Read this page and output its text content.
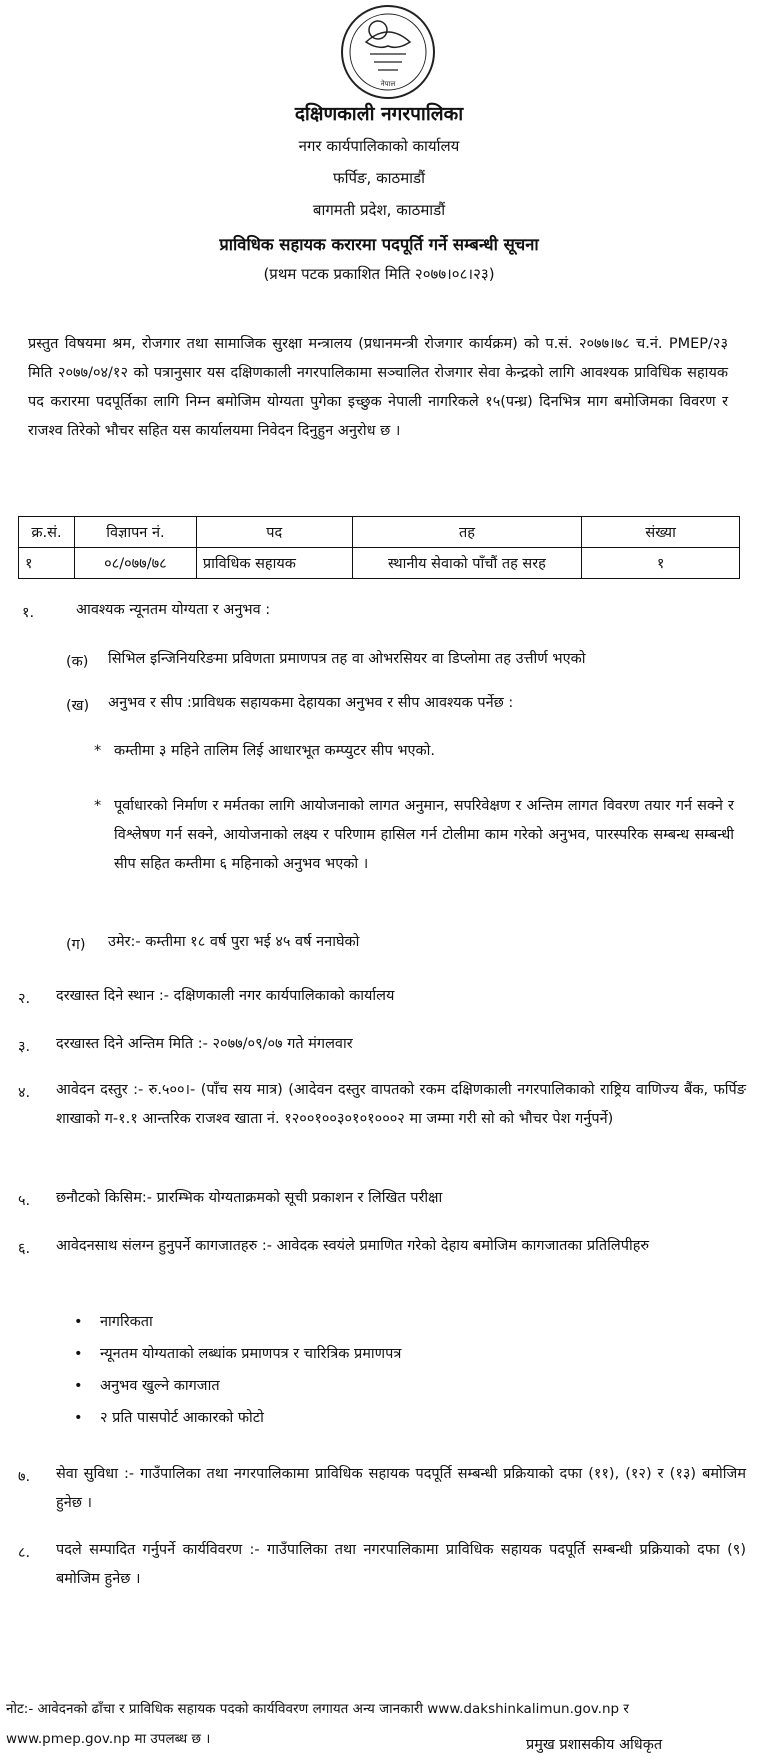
नेपाल
दक्षिणकाली नगरपालिका
नगर कार्यपालिकाको कार्यालय
फर्पिङ, काठमाडौं
बागमती प्रदेश, काठमाडौं
प्राविधिक सहायक करारमा पदपूर्ति गर्ने सम्बन्धी सूचना
(प्रथम पटक प्रकाशित मिति २०७७।०८।२३)
प्रस्तुत विषयमा श्रम, रोजगार तथा सामाजिक सुरक्षा मन्त्रालय (प्रधानमन्त्री रोजगार कार्यक्रम) को प.सं. २०७७।७८ च.नं. PMEP/२३ मिति २०७७/०४/१२ को पत्रानुसार यस दक्षिणकाली नगरपालिकामा सञ्चालित रोजगार सेवा केन्द्रको लागि आवश्यक प्राविधिक सहायक पद करारमा पदपूर्तिका लागि निम्न बमोजिम योग्यता पुगेका इच्छुक नेपाली नागरिकले १५(पन्ध्र) दिनभित्र माग बमोजिमका विवरण र राजश्व तिरेको भौचर सहित यस कार्यालयमा निवेदन दिनुहुन अनुरोध छ ।
क्र.सं.	विज्ञापन नं.	पद	तह	संख्या
१	०८/०७७/७८	प्राविधिक सहायक	स्थानीय सेवाको पाँचौं तह सरह	१
१.	आवश्यक न्यूनतम योग्यता र अनुभव :
(क) सिभिल इन्जिनियरिङमा प्रविणता प्रमाणपत्र तह वा ओभरसियर वा डिप्लोमा तह उत्तीर्ण भएको
(ख) अनुभव र सीप :प्राविधक सहायकमा देहायका अनुभव र सीप आवश्यक पर्नेछ :
* कम्तीमा ३ महिने तालिम लिई आधारभूत कम्प्युटर सीप भएको.
* पूर्वाधारको निर्माण र मर्मतका लागि आयोजनाको लागत अनुमान, सपरिवेक्षण र अन्तिम लागत विवरण तयार गर्न सक्ने र विश्लेषण गर्न सक्ने, आयोजनाको लक्ष्य र परिणाम हासिल गर्न टोलीमा काम गरेको अनुभव, पारस्परिक सम्बन्ध सम्बन्धी सीप सहित कम्तीमा ६ महिनाको अनुभव भएको ।
(ग) उमेर:- कम्तीमा १८ वर्ष पुरा भई ४५ वर्ष ननाघेको
२. दरखास्त दिने स्थान :- दक्षिणकाली नगर कार्यपालिकाको कार्यालय
३. दरखास्त दिने अन्तिम मिति :- २०७७/०९/०७ गते मंगलवार
४. आवेदन दस्तुर :- रु.५००।- (पाँच सय मात्र) (आदेवन दस्तुर वापतको रकम दक्षिणकाली नगरपालिकाको राष्ट्रिय वाणिज्य बैंक, फर्पिङ शाखाको ग-१.१ आन्तरिक राजश्व खाता नं. १२००१००३०१०१०००२ मा जम्मा गरी सो को भौचर पेश गर्नुपर्ने)
५. छनौटको किसिम:- प्रारम्भिक योग्यताक्रमको सूची प्रकाशन र लिखित परीक्षा
६. आवेदनसाथ संलग्न हुनुपर्ने कागजातहरु :- आवेदक स्वयंले प्रमाणित गरेको देहाय बमोजिम कागजातका प्रतिलिपीहरु
• नागरिकता
• न्यूनतम योग्यताको लब्धांक प्रमाणपत्र र चारित्रिक प्रमाणपत्र
• अनुभव खुल्ने कागजात
• २ प्रति पासपोर्ट आकारको फोटो
७. सेवा सुविधा :- गाउँपालिका तथा नगरपालिकामा प्राविधिक सहायक पदपूर्ति सम्बन्धी प्रक्रियाको दफा (११), (१२) र (१३) बमोजिम हुनेछ ।
८. पदले सम्पादित गर्नुपर्ने कार्यविवरण :- गाउँपालिका तथा नगरपालिकामा प्राविधिक सहायक पदपूर्ति सम्बन्धी प्रक्रियाको दफा (९) बमोजिम हुनेछ ।
नोट:- आवेदनको ढाँचा र प्राविधिक सहायक पदको कार्यविवरण लगायत अन्य जानकारी www.dakshinkalimun.gov.np र www.pmep.gov.np मा उपलब्ध छ ।	प्रमुख प्रशासकीय अधिकृत
